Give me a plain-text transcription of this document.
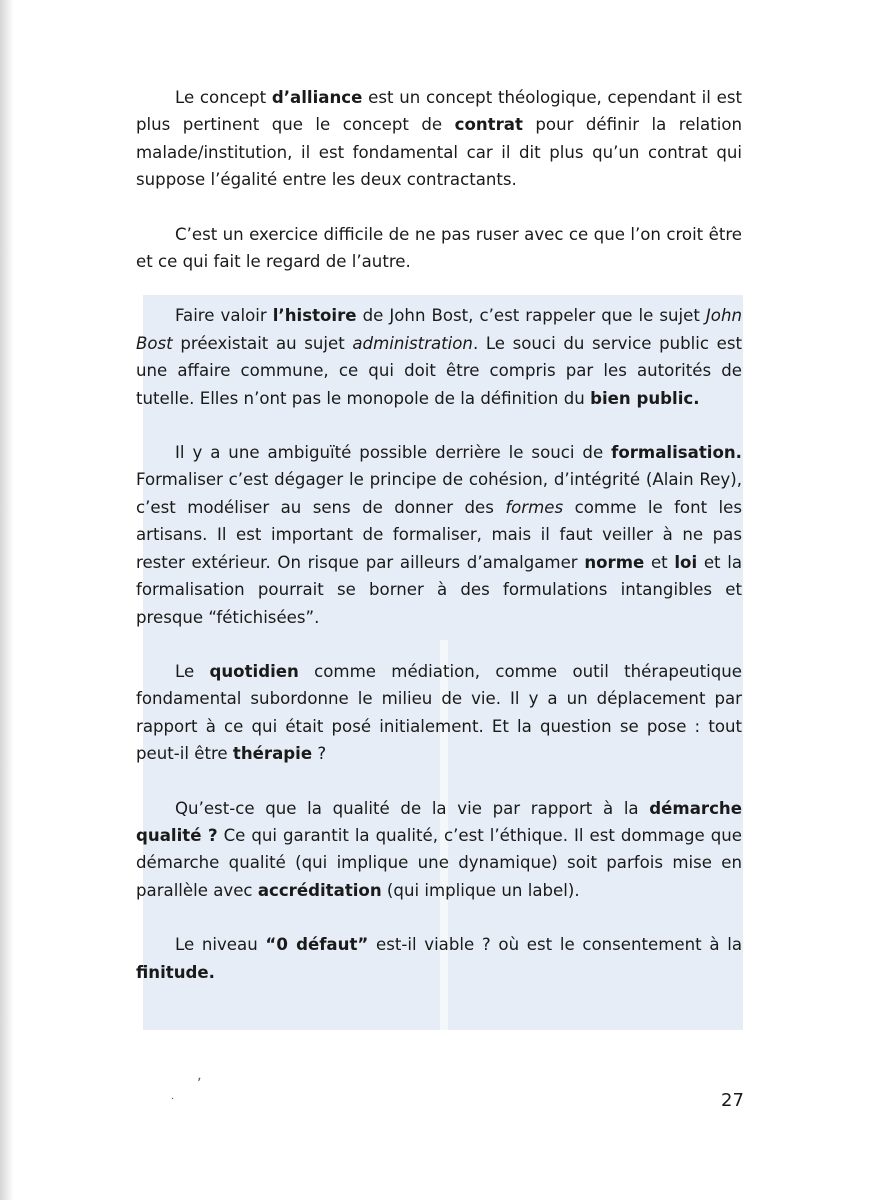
Le concept d’alliance est un concept théologique, cependant il est plus pertinent que le concept de contrat pour définir la relation malade/institution, il est fondamental car il dit plus qu’un contrat qui suppose l’égalité entre les deux contractants.

C’est un exercice difficile de ne pas ruser avec ce que l’on croit être et ce qui fait le regard de l’autre.

Faire valoir l’histoire de John Bost, c’est rappeler que le sujet John Bost préexistait au sujet administration. Le souci du service public est une affaire commune, ce qui doit être compris par les autorités de tutelle. Elles n’ont pas le monopole de la définition du bien public.

Il y a une ambiguïté possible derrière le souci de formalisation. Formaliser c’est dégager le principe de cohésion, d’intégrité (Alain Rey), c’est modéliser au sens de donner des formes comme le font les artisans. Il est important de formaliser, mais il faut veiller à ne pas rester extérieur. On risque par ailleurs d’amalgamer norme et loi et la formalisation pourrait se borner à des formulations intangibles et presque “fétichisées”.

Le quotidien comme médiation, comme outil thérapeutique fondamental subordonne le milieu de vie. Il y a un déplacement par rapport à ce qui était posé initialement. Et la question se pose : tout peut-il être thérapie ?

Qu’est-ce que la qualité de la vie par rapport à la démarche qualité ? Ce qui garantit la qualité, c’est l’éthique. Il est dommage que démarche qualité (qui implique une dynamique) soit parfois mise en parallèle avec accréditation (qui implique un label).

Le niveau “0 défaut” est-il viable ? où est le consentement à la finitude.

27
ʼ
·
